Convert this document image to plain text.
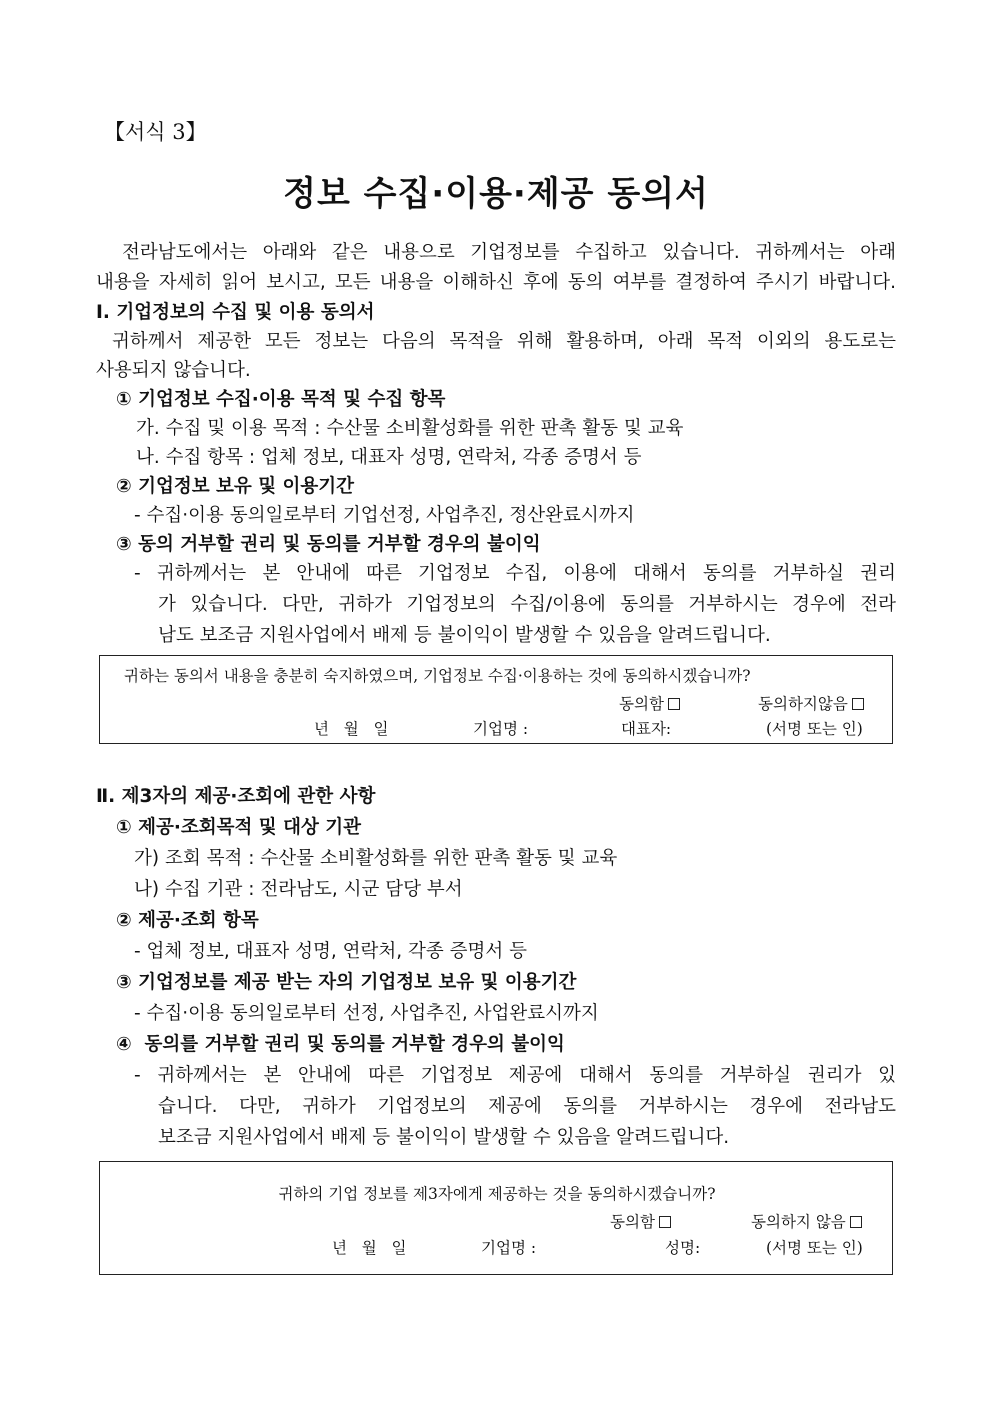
【서식 3】
정보 수집·이용·제공 동의서
전라남도에서는 아래와 같은 내용으로 기업정보를 수집하고 있습니다. 귀하께서는 아래
내용을 자세히 읽어 보시고, 모든 내용을 이해하신 후에 동의 여부를 결정하여 주시기 바랍니다.
Ⅰ. 기업정보의 수집 및 이용 동의서
귀하께서 제공한 모든 정보는 다음의 목적을 위해 활용하며, 아래 목적 이외의 용도로는
사용되지 않습니다.
① 기업정보 수집·이용 목적 및 수집 항목
가. 수집 및 이용 목적 : 수산물 소비활성화를 위한 판촉 활동 및 교육
나. 수집 항목 : 업체 정보, 대표자 성명, 연락처, 각종 증명서 등
② 기업정보 보유 및 이용기간
- 수집·이용 동의일로부터 기업선정, 사업추진, 정산완료시까지
③ 동의 거부할 권리 및 동의를 거부할 경우의 불이익
- 귀하께서는 본 안내에 따른 기업정보 수집, 이용에 대해서 동의를 거부하실 권리
가 있습니다. 다만, 귀하가 기업정보의 수집/이용에 동의를 거부하시는 경우에 전라
남도 보조금 지원사업에서 배제 등 불이익이 발생할 수 있음을 알려드립니다.
귀하는 동의서 내용을 충분히 숙지하였으며, 기업정보 수집·이용하는 것에 동의하시겠습니까?
동의함	동의하지않음
년   월   일	기업명 :	대표자:	(서명 또는 인)
Ⅱ. 제3자의 제공·조회에 관한 사항
① 제공·조회목적 및 대상 기관
가) 조회 목적 : 수산물 소비활성화를 위한 판촉 활동 및 교육
나) 수집 기관 : 전라남도, 시군 담당 부서
② 제공·조회 항목
- 업체 정보, 대표자 성명, 연락처, 각종 증명서 등
③ 기업정보를 제공 받는 자의 기업정보 보유 및 이용기간
- 수집·이용 동의일로부터 선정, 사업추진, 사업완료시까지
④  동의를 거부할 권리 및 동의를 거부할 경우의 불이익
- 귀하께서는 본 안내에 따른 기업정보 제공에 대해서 동의를 거부하실 권리가 있
습니다. 다만, 귀하가 기업정보의 제공에 동의를 거부하시는 경우에 전라남도
보조금 지원사업에서 배제 등 불이익이 발생할 수 있음을 알려드립니다.
귀하의 기업 정보를 제3자에게 제공하는 것을 동의하시겠습니까?
동의함	동의하지 않음
년   월   일	기업명 :	성명:	(서명 또는 인)
